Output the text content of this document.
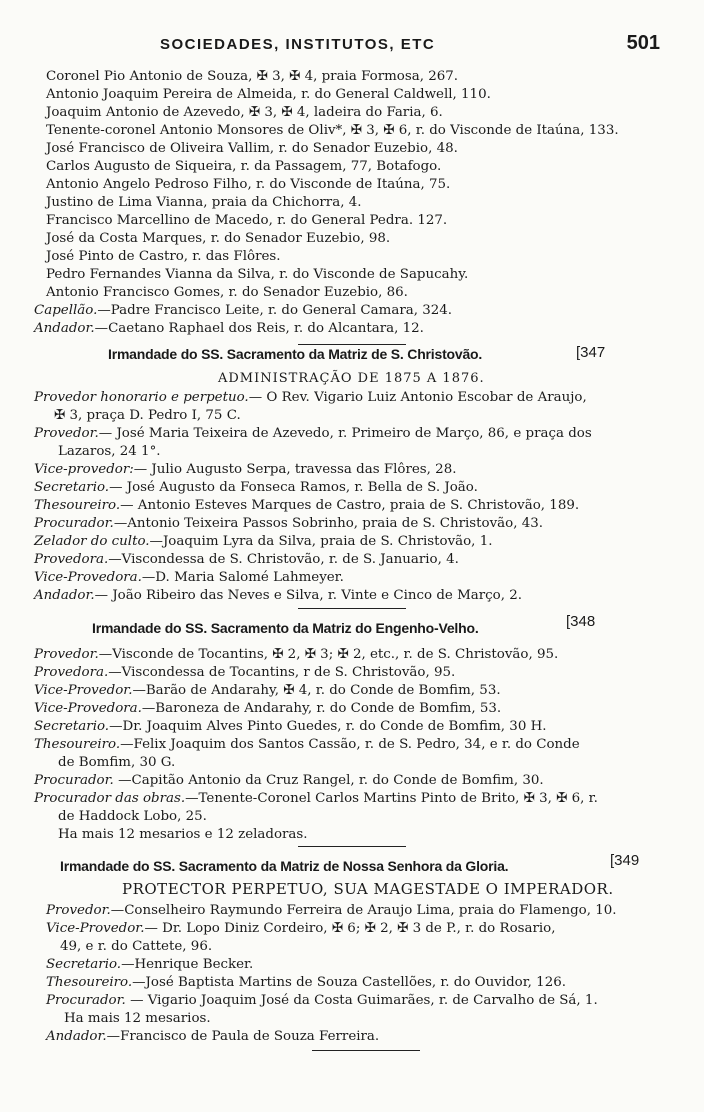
SOCIEDADES, INSTITUTOS, ETC	501
Coronel Pio Antonio de Souza, ✠ 3, ✠ 4, praia Formosa, 267.
Antonio Joaquim Pereira de Almeida, r. do General Caldwell, 110.
Joaquim Antonio de Azevedo, ✠ 3, ✠ 4, ladeira do Faria, 6.
Tenente-coronel Antonio Monsores de Oliv*, ✠ 3, ✠ 6, r. do Visconde de Itaúna, 133.
José Francisco de Oliveira Vallim, r. do Senador Euzebio, 48.
Carlos Augusto de Siqueira, r. da Passagem, 77, Botafogo.
Antonio Angelo Pedroso Filho, r. do Visconde de Itaúna, 75.
Justino de Lima Vianna, praia da Chichorra, 4.
Francisco Marcellino de Macedo, r. do General Pedra. 127.
José da Costa Marques, r. do Senador Euzebio, 98.
José Pinto de Castro, r. das Flôres.
Pedro Fernandes Vianna da Silva, r. do Visconde de Sapucahy.
Antonio Francisco Gomes, r. do Senador Euzebio, 86.
Capellão.—Padre Francisco Leite, r. do General Camara, 324.
Andador.—Caetano Raphael dos Reis, r. do Alcantara, 12.
Irmandade do SS. Sacramento da Matriz de S. Christovão.	[347
ADMINISTRAÇÃO DE 1875 A 1876.
Provedor honorario e perpetuo.— O Rev. Vigario Luiz Antonio Escobar de Araujo,
✠ 3, praça D. Pedro I, 75 C.
Provedor.— José Maria Teixeira de Azevedo, r. Primeiro de Março, 86, e praça dos
Lazaros, 24 1°.
Vice-provedor:— Julio Augusto Serpa, travessa das Flôres, 28.
Secretario.— José Augusto da Fonseca Ramos, r. Bella de S. João.
Thesoureiro.— Antonio Esteves Marques de Castro, praia de S. Christovão, 189.
Procurador.—Antonio Teixeira Passos Sobrinho, praia de S. Christovão, 43.
Zelador do culto.—Joaquim Lyra da Silva, praia de S. Christovão, 1.
Provedora.—Viscondessa de S. Christovão, r. de S. Januario, 4.
Vice-Provedora.—D. Maria Salomé Lahmeyer.
Andador.— João Ribeiro das Neves e Silva, r. Vinte e Cinco de Março, 2.
Irmandade do SS. Sacramento da Matriz do Engenho-Velho.	[348
Provedor.—Visconde de Tocantins, ✠ 2, ✠ 3; ✠ 2, etc., r. de S. Christovão, 95.
Provedora.—Viscondessa de Tocantins, r de S. Christovão, 95.
Vice-Provedor.—Barão de Andarahy, ✠ 4, r. do Conde de Bomfim, 53.
Vice-Provedora.—Baroneza de Andarahy, r. do Conde de Bomfim, 53.
Secretario.—Dr. Joaquim Alves Pinto Guedes, r. do Conde de Bomfim, 30 H.
Thesoureiro.—Felix Joaquim dos Santos Cassão, r. de S. Pedro, 34, e r. do Conde
de Bomfim, 30 G.
Procurador. —Capitão Antonio da Cruz Rangel, r. do Conde de Bomfim, 30.
Procurador das obras.—Tenente-Coronel Carlos Martins Pinto de Brito, ✠ 3, ✠ 6, r.
de Haddock Lobo, 25.
Ha mais 12 mesarios e 12 zeladoras.
Irmandade do SS. Sacramento da Matriz de Nossa Senhora da Gloria.	[349
PROTECTOR PERPETUO, SUA MAGESTADE O IMPERADOR.
Provedor.—Conselheiro Raymundo Ferreira de Araujo Lima, praia do Flamengo, 10.
Vice-Provedor.— Dr. Lopo Diniz Cordeiro, ✠ 6; ✠ 2, ✠ 3 de P., r. do Rosario,
49, e r. do Cattete, 96.
Secretario.—Henrique Becker.
Thesoureiro.—José Baptista Martins de Souza Castellões, r. do Ouvidor, 126.
Procurador. — Vigario Joaquim José da Costa Guimarães, r. de Carvalho de Sá, 1.
Ha mais 12 mesarios.
Andador.—Francisco de Paula de Souza Ferreira.
